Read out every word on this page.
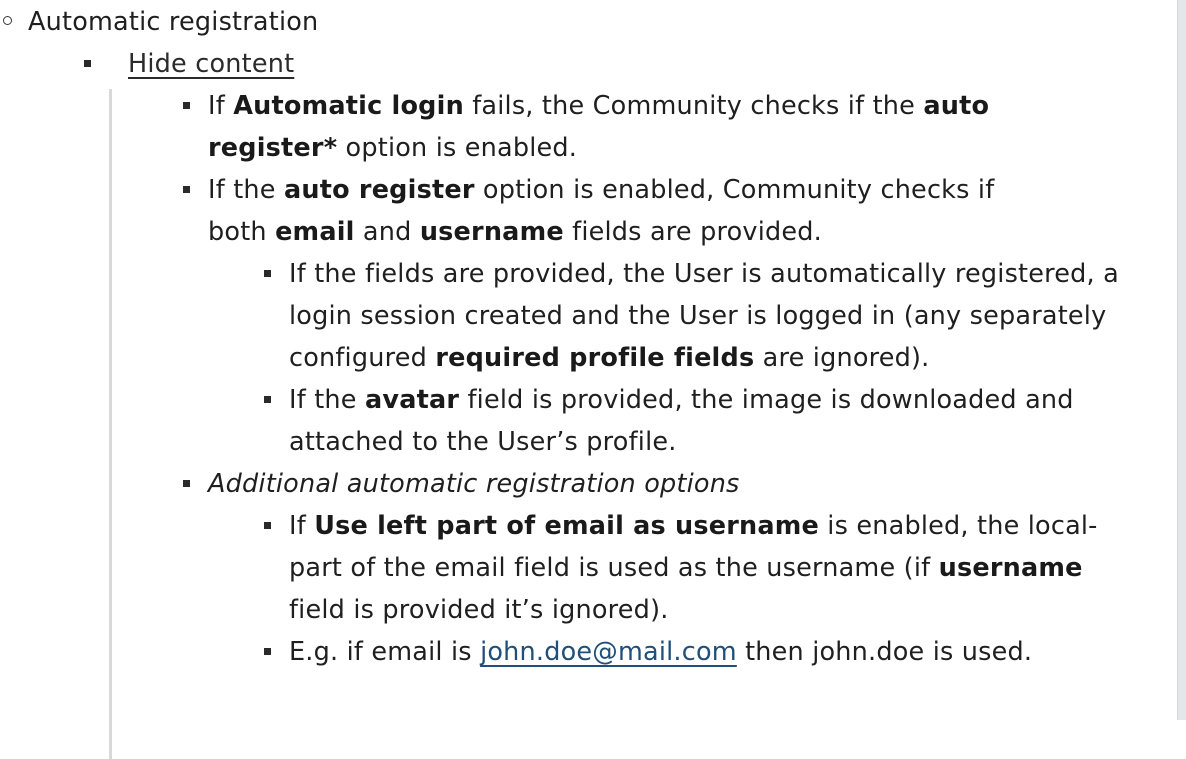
Automatic registration
Hide content
If Automatic login fails, the Community checks if the auto register* option is enabled.
If the auto register option is enabled, Community checks if both email and username fields are provided.
If the fields are provided, the User is automatically registered, a login session created and the User is logged in (any separately configured required profile fields are ignored).
If the avatar field is provided, the image is downloaded and attached to the User’s profile.
Additional automatic registration options
If Use left part of email as username is enabled, the local-part of the email field is used as the username (if username field is provided it’s ignored).
E.g. if email is john.doe@mail.com then john.doe is used.
